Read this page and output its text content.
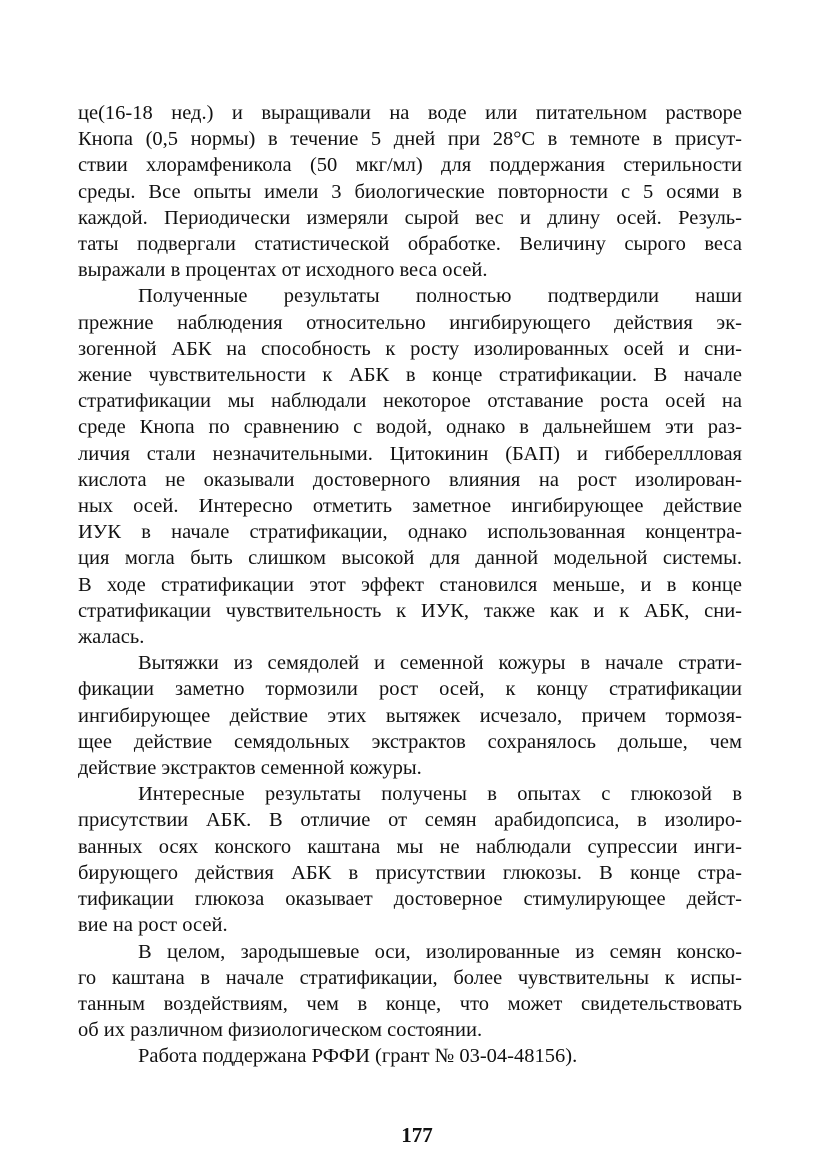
це(16-18 нед.) и выращивали на воде или питательном растворе
Кнопа (0,5 нормы) в течение 5 дней при 28°С в темноте в присут-
ствии хлорамфеникола (50 мкг/мл) для поддержания стерильности
среды. Все опыты имели 3 биологические повторности с 5 осями в
каждой. Периодически измеряли сырой вес и длину осей. Резуль-
таты подвергали статистической обработке. Величину сырого веса
выражали в процентах от исходного веса осей.

Полученные результаты полностью подтвердили наши
прежние наблюдения относительно ингибирующего действия эк-
зогенной АБК на способность к росту изолированных осей и сни-
жение чувствительности к АБК в конце стратификации. В начале
стратификации мы наблюдали некоторое отставание роста осей на
среде Кнопа по сравнению с водой, однако в дальнейшем эти раз-
личия стали незначительными. Цитокинин (БАП) и гиббереллловая
кислота не оказывали достоверного влияния на рост изолирован-
ных осей. Интересно отметить заметное ингибирующее действие
ИУК в начале стратификации, однако использованная концентра-
ция могла быть слишком высокой для данной модельной системы.
В ходе стратификации этот эффект становился меньше, и в конце
стратификации чувствительность к ИУК, также как и к АБК, сни-
жалась.

Вытяжки из семядолей и семенной кожуры в начале страти-
фикации заметно тормозили рост осей, к концу стратификации
ингибирующее действие этих вытяжек исчезало, причем тормозя-
щее действие семядольных экстрактов сохранялось дольше, чем
действие экстрактов семенной кожуры.

Интересные результаты получены в опытах с глюкозой в
присутствии АБК. В отличие от семян арабидопсиса, в изолиро-
ванных осях конского каштана мы не наблюдали супрессии инги-
бирующего действия АБК в присутствии глюкозы. В конце стра-
тификации глюкоза оказывает достоверное стимулирующее дейст-
вие на рост осей.

В целом, зародышевые оси, изолированные из семян конско-
го каштана в начале стратификации, более чувствительны к испы-
танным воздействиям, чем в конце, что может свидетельствовать
об их различном физиологическом состоянии.

Работа поддержана РФФИ (грант № 03-04-48156).

177
